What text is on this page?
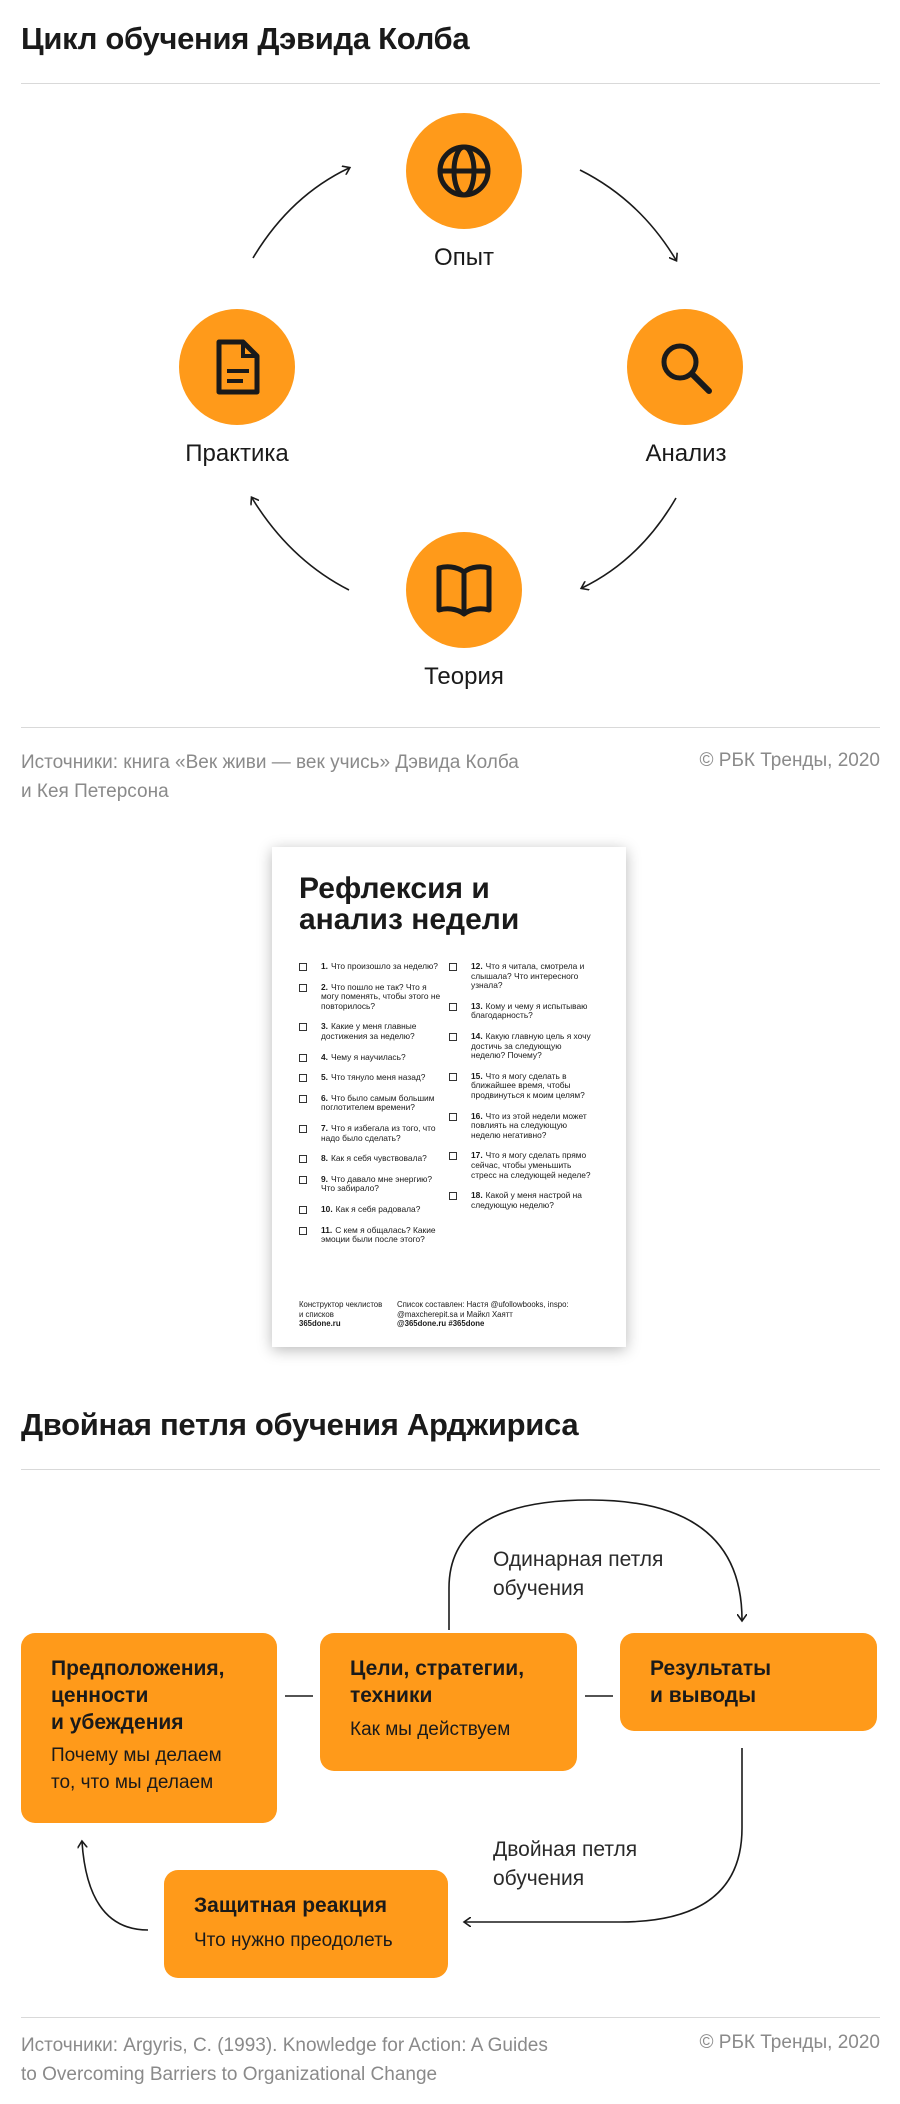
Цикл обучения Дэвида Колба
Опыт
Анализ
Практика
Теория
Источники: книга «Век живи — век учись» Дэвида Колба
и Кея Петерсона
© РБК Тренды, 2020
Рефлексия и
анализ недели
1. Что произошло за неделю?
2. Что пошло не так? Что я могу поменять, чтобы этого не повторилось?
3. Какие у меня главные достижения за неделю?
4. Чему я научилась?
5. Что тянуло меня назад?
6. Что было самым большим поглотителем времени?
7. Что я избегала из того, что надо было сделать?
8. Как я себя чувствовала?
9. Что давало мне энергию? Что забирало?
10. Как я себя радовала?
11. С кем я общалась? Какие эмоции были после этого?
12. Что я читала, смотрела и слышала? Что интересного узнала?
13. Кому и чему я испытываю благодарность?
14. Какую главную цель я хочу достичь за следующую неделю? Почему?
15. Что я могу сделать в ближайшее время, чтобы продвинуться к моим целям?
16. Что из этой недели может повлиять на следующую неделю негативно?
17. Что я могу сделать прямо сейчас, чтобы уменьшить стресс на следующей неделе?
18. Какой у меня настрой на следующую неделю?
Конструктор чеклистов
и списков
365done.ru
Список составлен: Настя @ufollowbooks, inspo:
@maxcherepit.sa и Майкл Хаятт
@365done.ru #365done
Двойная петля обучения Арджириса
Одинарная петля
обучения
Двойная петля
обучения
Предположения,
ценности
и убеждения
Почему мы делаем
то, что мы делаем
Цели, стратегии,
техники
Как мы действуем
Результаты
и выводы
Защитная реакция
Что нужно преодолеть
Источники: Argyris, C. (1993). Knowledge for Action: A Guides
to Overcoming Barriers to Organizational Change
© РБК Тренды, 2020
